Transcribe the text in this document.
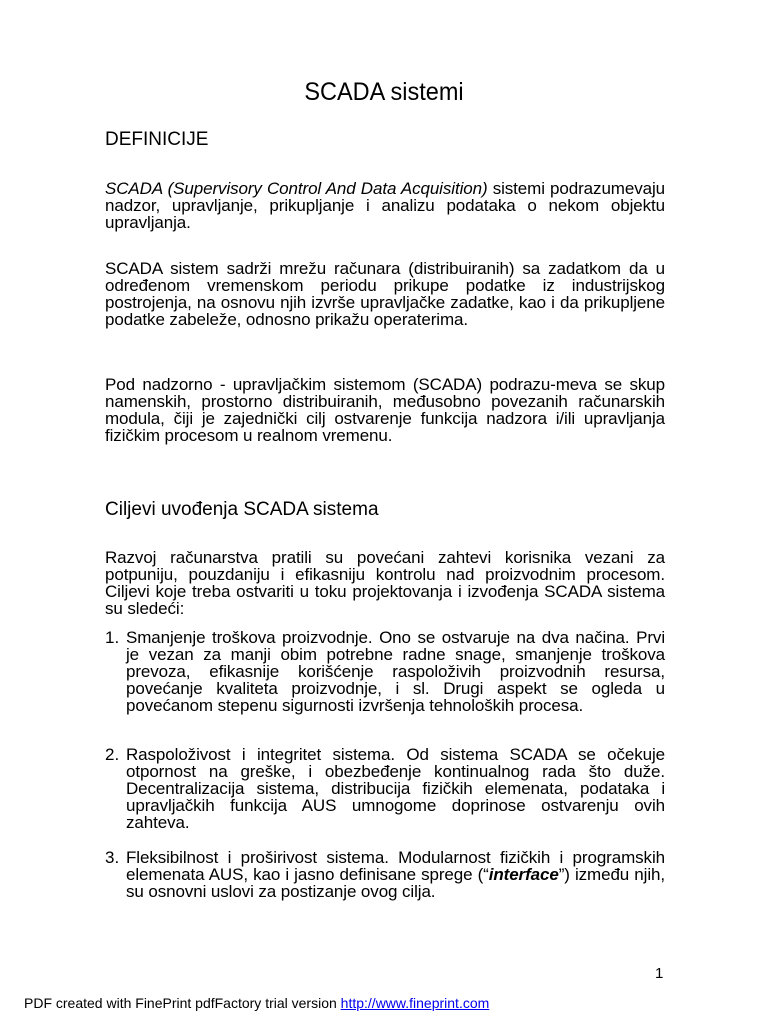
SCADA sistemi
DEFINICIJE
SCADA (Supervisory Control And Data Acquisition) sistemi podrazumevaju nadzor, upravljanje, prikupljanje i analizu podataka o nekom objektu upravljanja.
SCADA sistem sadrži mrežu računara (distribuiranih) sa zadatkom da u određenom vremenskom periodu prikupe podatke iz industrijskog postrojenja, na osnovu njih izvrše upravljačke zadatke, kao i da prikupljene podatke zabeleže, odnosno prikažu operaterima.
Pod nadzorno - upravljačkim sistemom (SCADA) podrazu-meva se skup namenskih, prostorno distribuiranih, međusobno povezanih računarskih modula, čiji je zajednički cilj ostvarenje funkcija nadzora i/ili upravljanja fizičkim procesom u realnom vremenu.
Ciljevi uvođenja SCADA sistema
Razvoj računarstva pratili su povećani zahtevi korisnika vezani za potpuniju, pouzdaniju i efikasniju kontrolu nad proizvodnim procesom. Ciljevi koje treba ostvariti u toku projektovanja i izvođenja SCADA sistema su sledeći:
1. Smanjenje troškova proizvodnje. Ono se ostvaruje na dva načina. Prvi je vezan za manji obim potrebne radne snage, smanjenje troškova prevoza, efikasnije korišćenje raspoloživih proizvodnih resursa, povećanje kvaliteta proizvodnje, i sl. Drugi aspekt se ogleda u povećanom stepenu sigurnosti izvršenja tehnoloških procesa.
2. Raspoloživost i integritet sistema. Od sistema SCADA se očekuje otpornost na greške, i obezbeđenje kontinualnog rada što duže. Decentralizacija sistema, distribucija fizičkih elemenata, podataka i upravljačkih funkcija AUS umnogome doprinose ostvarenju ovih zahteva.
3. Fleksibilnost i proširivost sistema. Modularnost fizičkih i programskih elemenata AUS, kao i jasno definisane sprege (“interface”) između njih, su osnovni uslovi za postizanje ovog cilja.
1
PDF created with FinePrint pdfFactory trial version http://www.fineprint.com
